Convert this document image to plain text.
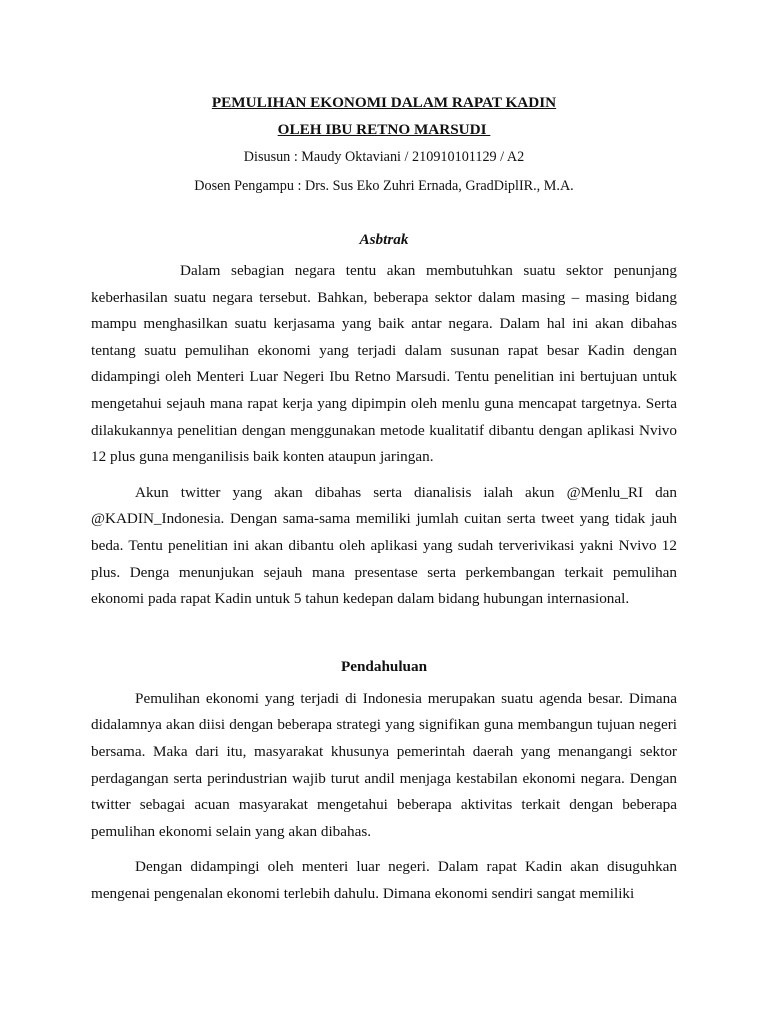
PEMULIHAN EKONOMI DALAM RAPAT KADIN

OLEH IBU RETNO MARSUDI

Disusun : Maudy Oktaviani / 210910101129 / A2

Dosen Pengampu : Drs. Sus Eko Zuhri Ernada, GradDiplIR., M.A.

Asbtrak

Dalam sebagian negara tentu akan membutuhkan suatu sektor penunjang keberhasilan suatu negara tersebut. Bahkan, beberapa sektor dalam masing – masing bidang mampu menghasilkan suatu kerjasama yang baik antar negara. Dalam hal ini akan dibahas tentang suatu pemulihan ekonomi yang terjadi dalam susunan rapat besar Kadin dengan didampingi oleh Menteri Luar Negeri Ibu Retno Marsudi. Tentu penelitian ini bertujuan untuk mengetahui sejauh mana rapat kerja yang dipimpin oleh menlu guna mencapat targetnya. Serta dilakukannya penelitian dengan menggunakan metode kualitatif dibantu dengan aplikasi Nvivo 12 plus guna menganilisis baik konten ataupun jaringan.

Akun twitter yang akan dibahas serta dianalisis ialah akun @Menlu_RI dan @KADIN_Indonesia. Dengan sama-sama memiliki jumlah cuitan serta tweet yang tidak jauh beda. Tentu penelitian ini akan dibantu oleh aplikasi yang sudah terverivikasi yakni Nvivo 12 plus. Denga menunjukan sejauh mana presentase serta perkembangan terkait pemulihan ekonomi pada rapat Kadin untuk 5 tahun kedepan dalam bidang hubungan internasional.

Pendahuluan

Pemulihan ekonomi yang terjadi di Indonesia merupakan suatu agenda besar. Dimana didalamnya akan diisi dengan beberapa strategi yang signifikan guna membangun tujuan negeri bersama. Maka dari itu, masyarakat khusunya pemerintah daerah yang menangangi sektor perdagangan serta perindustrian wajib turut andil menjaga kestabilan ekonomi negara. Dengan twitter sebagai acuan masyarakat mengetahui beberapa aktivitas terkait dengan beberapa pemulihan ekonomi selain yang akan dibahas.

Dengan didampingi oleh menteri luar negeri. Dalam rapat Kadin akan disuguhkan mengenai pengenalan ekonomi terlebih dahulu. Dimana ekonomi sendiri sangat memiliki
